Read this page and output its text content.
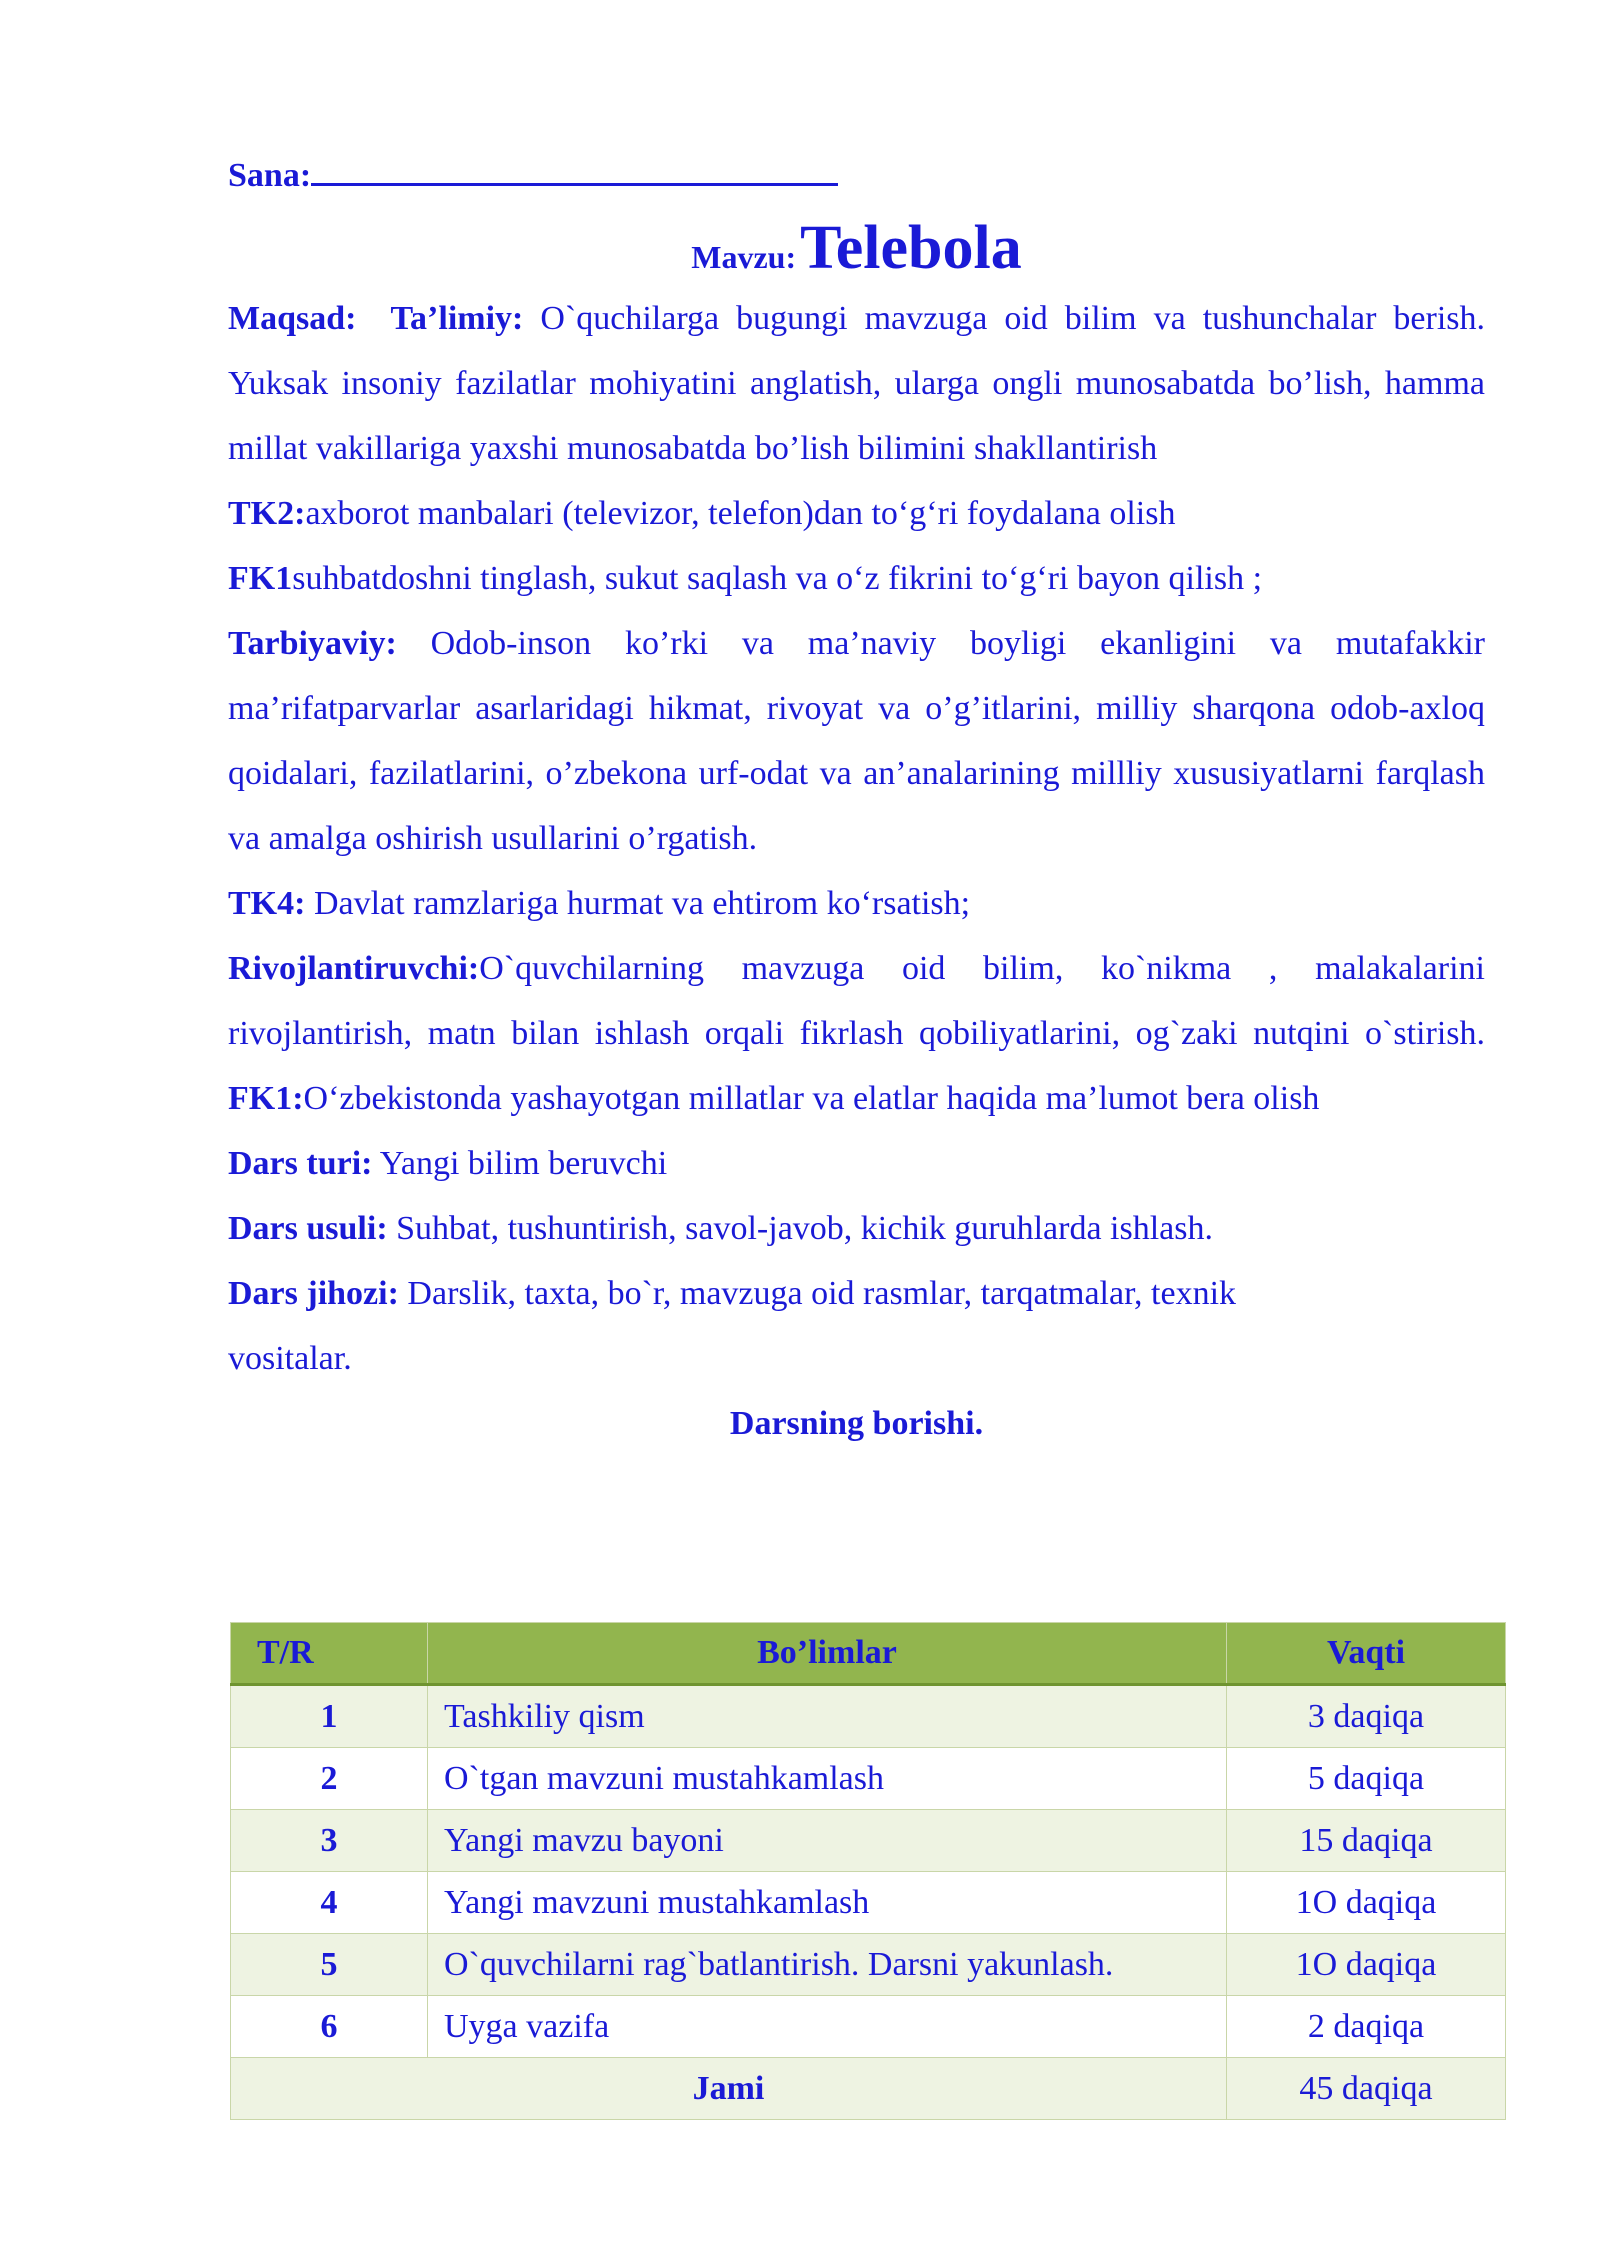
Sana:
Mavzu: Telebola
Maqsad: Ta’limiy: O`quchilarga bugungi mavzuga oid bilim va tushunchalar berish. Yuksak insoniy fazilatlar mohiyatini anglatish, ularga ongli munosabatda bo’lish, hamma millat vakillariga yaxshi munosabatda bo’lish bilimini shakllantirish
TK2:axborot manbalari (televizor, telefon)dan to‘g‘ri foydalana olish
FK1suhbatdoshni tinglash, sukut saqlash va o‘z fikrini to‘g‘ri bayon qilish ;
Tarbiyaviy: Odob-inson ko’rki va ma’naviy boyligi ekanligini va mutafakkir ma’rifatparvarlar asarlaridagi hikmat, rivoyat va o’g’itlarini, milliy sharqona odob-axloq qoidalari, fazilatlarini, o’zbekona urf-odat va an’analarining millliy xususiyatlarni farqlash va amalga oshirish usullarini o’rgatish.
TK4: Davlat ramzlariga hurmat va ehtirom ko‘rsatish;
Rivojlantiruvchi:O`quvchilarning mavzuga oid bilim, ko`nikma , malakalarini rivojlantirish, matn bilan ishlash orqali fikrlash qobiliyatlarini, og`zaki nutqini o`stirish. FK1:O‘zbekistonda yashayotgan millatlar va elatlar haqida ma’lumot bera olish
Dars turi: Yangi bilim beruvchi
Dars usuli: Suhbat, tushuntirish, savol-javob, kichik guruhlarda ishlash.
Dars jihozi: Darslik, taxta, bo`r, mavzuga oid rasmlar, tarqatmalar, texnik vositalar.
Darsning borishi.
T/R	Bo’limlar	Vaqti
1	Tashkiliy qism	3 daqiqa
2	O`tgan mavzuni mustahkamlash	5 daqiqa
3	Yangi mavzu bayoni	15 daqiqa
4	Yangi mavzuni mustahkamlash	1O daqiqa
5	O`quvchilarni rag`batlantirish. Darsni yakunlash.	1O daqiqa
6	Uyga vazifa	2 daqiqa
Jami		45 daqiqa
